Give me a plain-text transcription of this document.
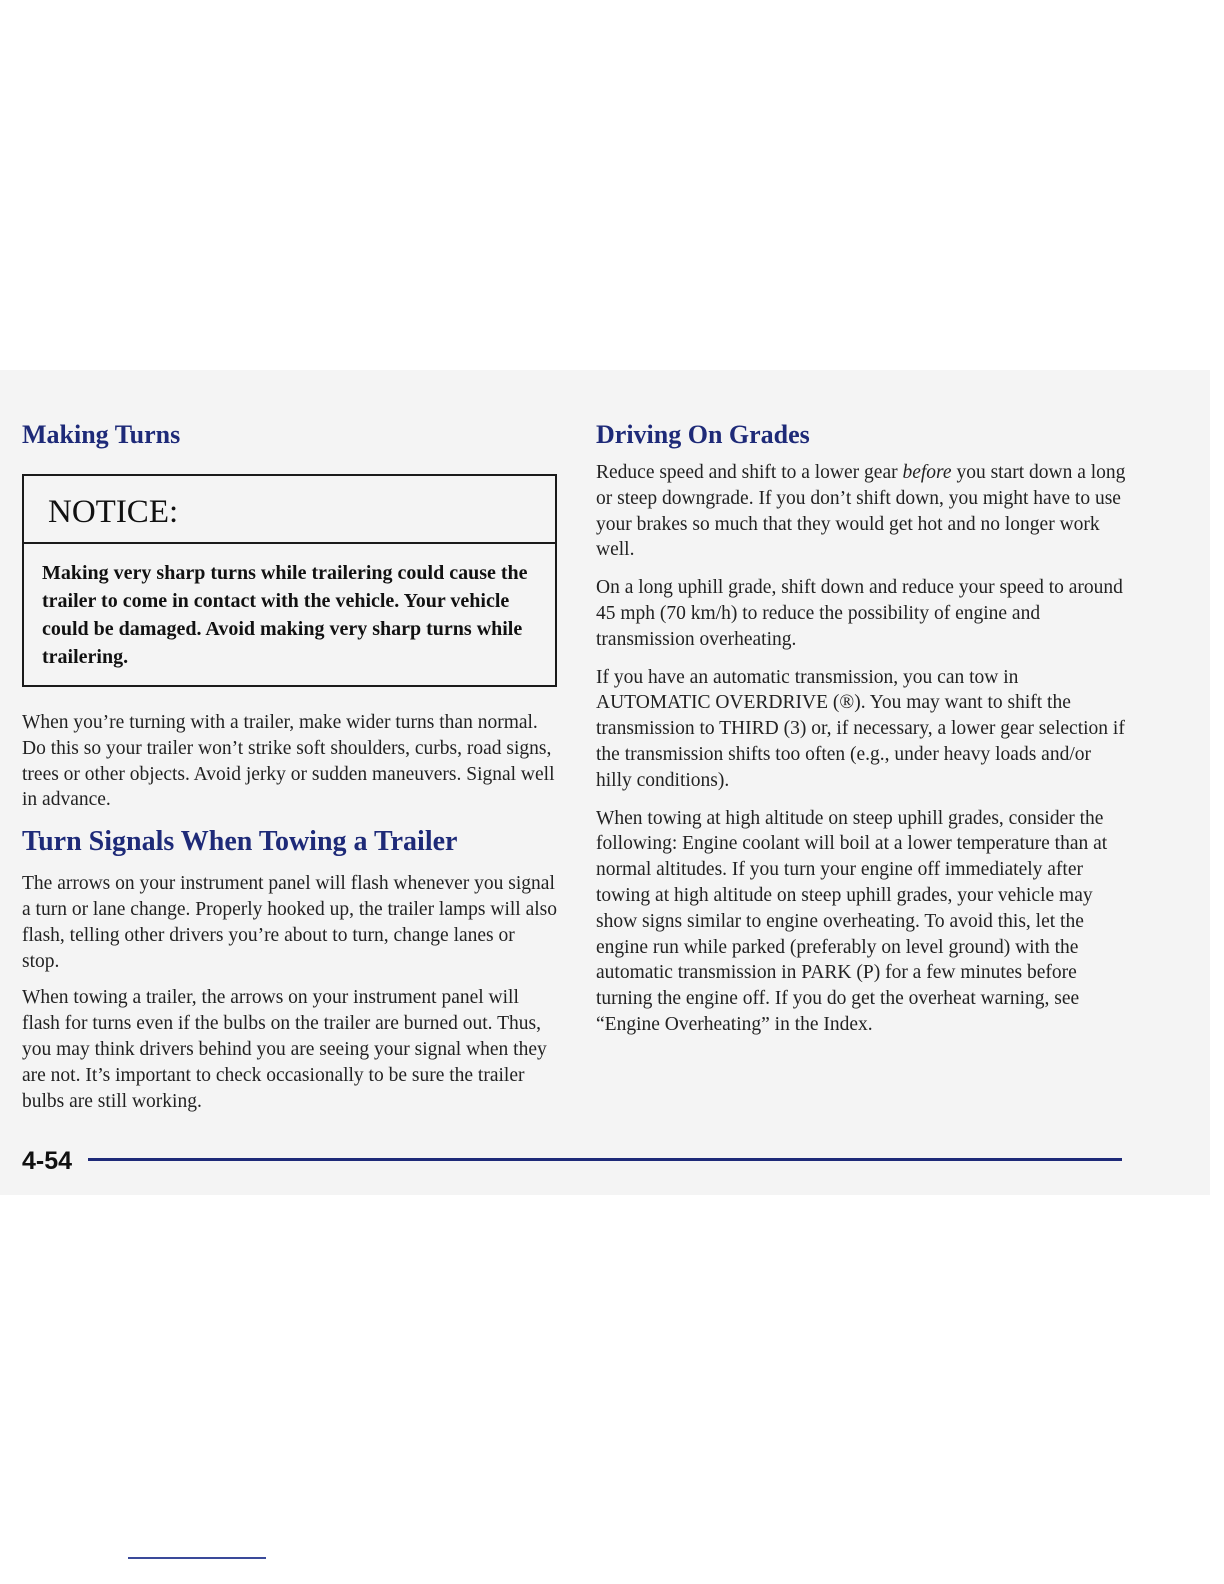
Making Turns
NOTICE:
Making very sharp turns while trailering could cause the trailer to come in contact with the vehicle. Your vehicle could be damaged. Avoid making very sharp turns while trailering.

When you’re turning with a trailer, make wider turns than normal. Do this so your trailer won’t strike soft shoulders, curbs, road signs, trees or other objects. Avoid jerky or sudden maneuvers. Signal well in advance.

Turn Signals When Towing a Trailer

The arrows on your instrument panel will flash whenever you signal a turn or lane change. Properly hooked up, the trailer lamps will also flash, telling other drivers you’re about to turn, change lanes or stop.

When towing a trailer, the arrows on your instrument panel will flash for turns even if the bulbs on the trailer are burned out. Thus, you may think drivers behind you are seeing your signal when they are not. It’s important to check occasionally to be sure the trailer bulbs are still working.

Driving On Grades

Reduce speed and shift to a lower gear before you start down a long or steep downgrade. If you don’t shift down, you might have to use your brakes so much that they would get hot and no longer work well.

On a long uphill grade, shift down and reduce your speed to around 45 mph (70 km/h) to reduce the possibility of engine and transmission overheating.

If you have an automatic transmission, you can tow in AUTOMATIC OVERDRIVE (®). You may want to shift the transmission to THIRD (3) or, if necessary, a lower gear selection if the transmission shifts too often (e.g., under heavy loads and/or hilly conditions).

When towing at high altitude on steep uphill grades, consider the following: Engine coolant will boil at a lower temperature than at normal altitudes. If you turn your engine off immediately after towing at high altitude on steep uphill grades, your vehicle may show signs similar to engine overheating. To avoid this, let the engine run while parked (preferably on level ground) with the automatic transmission in PARK (P) for a few minutes before turning the engine off. If you do get the overheat warning, see “Engine Overheating” in the Index.

4-54
